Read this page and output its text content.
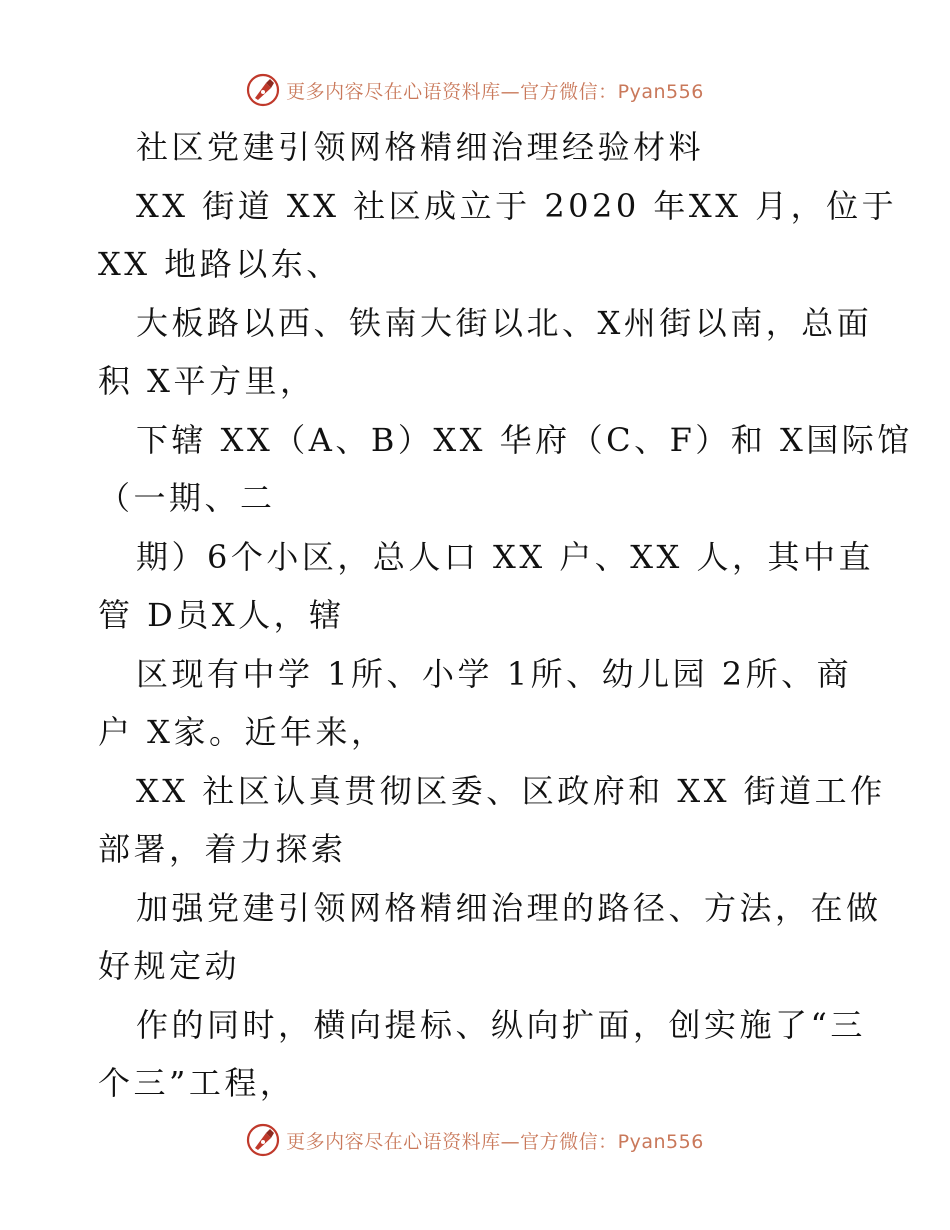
更多内容尽在心语资料库—官方微信：Pyan556
社区党建引领网格精细治理经验材料
XX 街道 XX 社区成立于 2020 年XX 月，位于
XX 地路以东、
大板路以西、铁南大街以北、X州街以南，总面
积 X平方里，
下辖 XX（A、B）XX 华府（C、F）和 X国际馆
（一期、二
期）6个小区，总人口 XX 户、XX 人，其中直
管 D员X人，辖
区现有中学 1所、小学 1所、幼儿园 2所、商
户 X家。近年来，
XX 社区认真贯彻区委、区政府和 XX 街道工作
部署，着力探索
加强党建引领网格精细治理的路径、方法，在做
好规定动
作的同时，横向提标、纵向扩面，创实施了“三
个三”工程，
更多内容尽在心语资料库—官方微信：Pyan556
